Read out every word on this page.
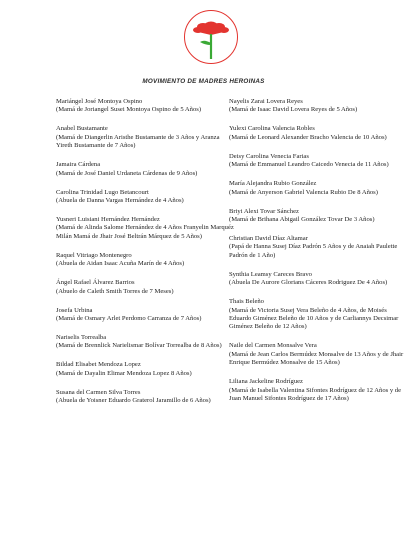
MOVIMIENTO DE MADRES HEROINAS
Mariángel José Montoya Ospino
(Mamá de Joriangel Susei Montoya Ospino de 5 Años)
Anabel Bustamante
(Mamá de Diangerlin Aristhe Bustamante de 3 Años y Aranza Yireth Bustamante de 7 Años)
Jamaira Cárdena
(Mamá de José Daniel Urdaneta Cárdenas de 9 Años)
Carolina Trinidad Lugo Betancourt
(Abuela de Danna Vargas Hernández de 4 Años)
Yusneri Luisiani Hernández Hernández
(Mamá de Alinda Salome Hernández de 4 Años Franyelin Marquéz Milán Mamá de Jhair José Beltrán Márquez de 5 Años)
Raquel Vitriago Montenegro
(Abuela de Aidan Isaac Acuña Marín de 4 Años)
Ángel Rafael Álvarez Barrios
(Abuelo de Caleth Smith Torres de 7 Meses)
Josefa Urbina
(Mamá de Osmary Arlet Perdomo Carranza de 7 Años)
Nariselis Torrealba
(Mamá de Brennlick Narielismar Bolívar Torrealba de 8 Años)
Bildad Elisabet Mendoza Lopez
(Mamá de Dayalin Elimar Mendoza Lopez 8 Años)
Susana del Carmen Silva Torres
(Abuela de Yoisner Eduardo Graterol Jaramillo de 6 Años)
Nayelis Zarai Lovera Reyes
(Mamá de Isaac David Lovera Reyes de 5 Años)
Yulexi Carolina Valencia Robles
(Mamá de Leonard Alexander Bracho Valencia de 10 Años)
Deisy Carolina Venecia Farias
(Mamá de Emmanuel Leandro Caicedo Venecia de 11 Años)
María Alejandra Rubio González
(Mamá de Anyerson Gabriel Valencia Rubio De 8 Años)
Briyi Alexi Tovar Sánchez
(Mamá de Brihana Abigail González Tovar De 3 Años)
Christian David Díaz Altamar
(Papá de Hanna Susej Díaz Padrón 5 Años y de Anaiah Paulette Padrón de 1 Año)
Synthia Leamsy Careces Bravo
(Abuela De Aurore Glorians Cáceres Rodriguez De 4 Años)
Thais Beleño
(Mamá de Victoria Susej Vera Beleño de 4 Años, de Moisés Eduardo Giménez Beleño de 10 Años y de Carliannys Decsimar Giménez Beleño de 12 Años)
Naile del Carmen Monsalve Vera
(Mamá de Jean Carlos Bermúdez Monsalve de 13 Años y de Jhair Enrique Bermúdez Monsalve de 15 Años)
Liliana Jackeline Rodríguez
(Mamá de Isabella Valentina Sifontes Rodríguez de 12 Años y de Juan Manuel Sifontes Rodríguez de 17 Años)
